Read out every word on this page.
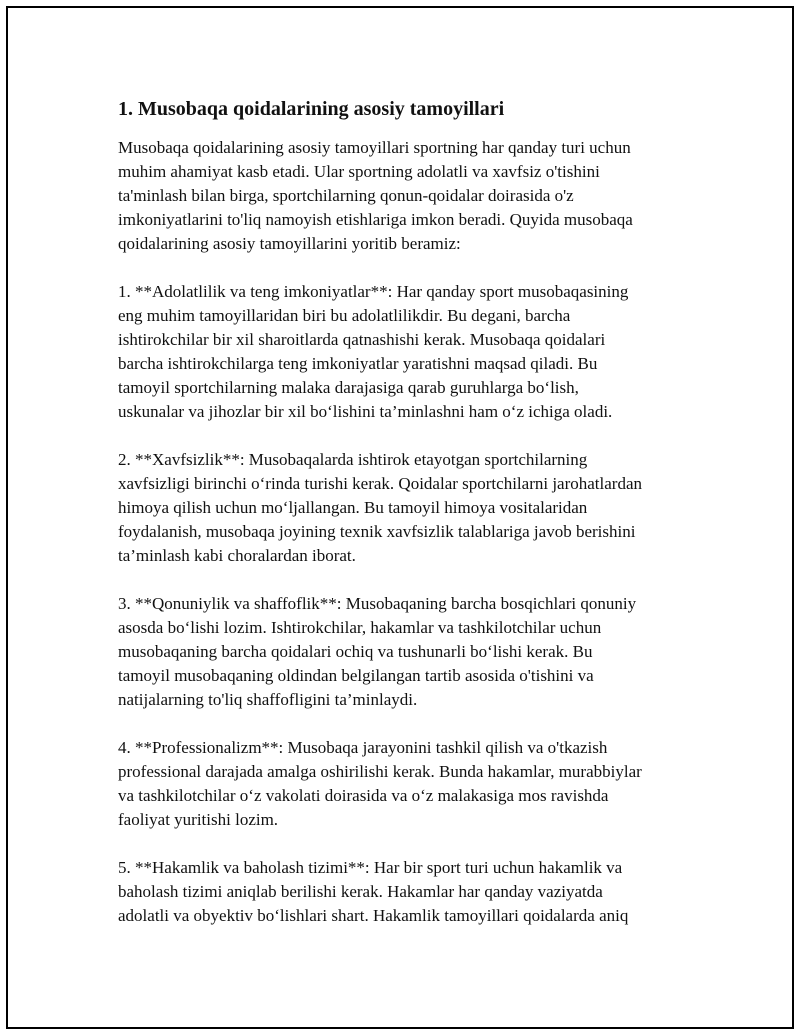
1. Musobaqa qoidalarining asosiy tamoyillari

Musobaqa qoidalarining asosiy tamoyillari sportning har qanday turi uchun
muhim ahamiyat kasb etadi. Ular sportning adolatli va xavfsiz o'tishini
ta'minlash bilan birga, sportchilarning qonun-qoidalar doirasida o'z
imkoniyatlarini to'liq namoyish etishlariga imkon beradi. Quyida musobaqa
qoidalarining asosiy tamoyillarini yoritib beramiz:

1. **Adolatlilik va teng imkoniyatlar**: Har qanday sport musobaqasining
eng muhim tamoyillaridan biri bu adolatlilikdir. Bu degani, barcha
ishtirokchilar bir xil sharoitlarda qatnashishi kerak. Musobaqa qoidalari
barcha ishtirokchilarga teng imkoniyatlar yaratishni maqsad qiladi. Bu
tamoyil sportchilarning malaka darajasiga qarab guruhlarga bo‘lish,
uskunalar va jihozlar bir xil bo‘lishini ta’minlashni ham o‘z ichiga oladi.

2. **Xavfsizlik**: Musobaqalarda ishtirok etayotgan sportchilarning
xavfsizligi birinchi o‘rinda turishi kerak. Qoidalar sportchilarni jarohatlardan
himoya qilish uchun mo‘ljallangan. Bu tamoyil himoya vositalaridan
foydalanish, musobaqa joyining texnik xavfsizlik talablariga javob berishini
ta’minlash kabi choralardan iborat.

3. **Qonuniylik va shaffoflik**: Musobaqaning barcha bosqichlari qonuniy
asosda bo‘lishi lozim. Ishtirokchilar, hakamlar va tashkilotchilar uchun
musobaqaning barcha qoidalari ochiq va tushunarli bo‘lishi kerak. Bu
tamoyil musobaqaning oldindan belgilangan tartib asosida o'tishini va
natijalarning to'liq shaffofligini ta’minlaydi.

4. **Professionalizm**: Musobaqa jarayonini tashkil qilish va o'tkazish
professional darajada amalga oshirilishi kerak. Bunda hakamlar, murabbiylar
va tashkilotchilar o‘z vakolati doirasida va o‘z malakasiga mos ravishda
faoliyat yuritishi lozim.

5. **Hakamlik va baholash tizimi**: Har bir sport turi uchun hakamlik va
baholash tizimi aniqlab berilishi kerak. Hakamlar har qanday vaziyatda
adolatli va obyektiv bo‘lishlari shart. Hakamlik tamoyillari qoidalarda aniq
